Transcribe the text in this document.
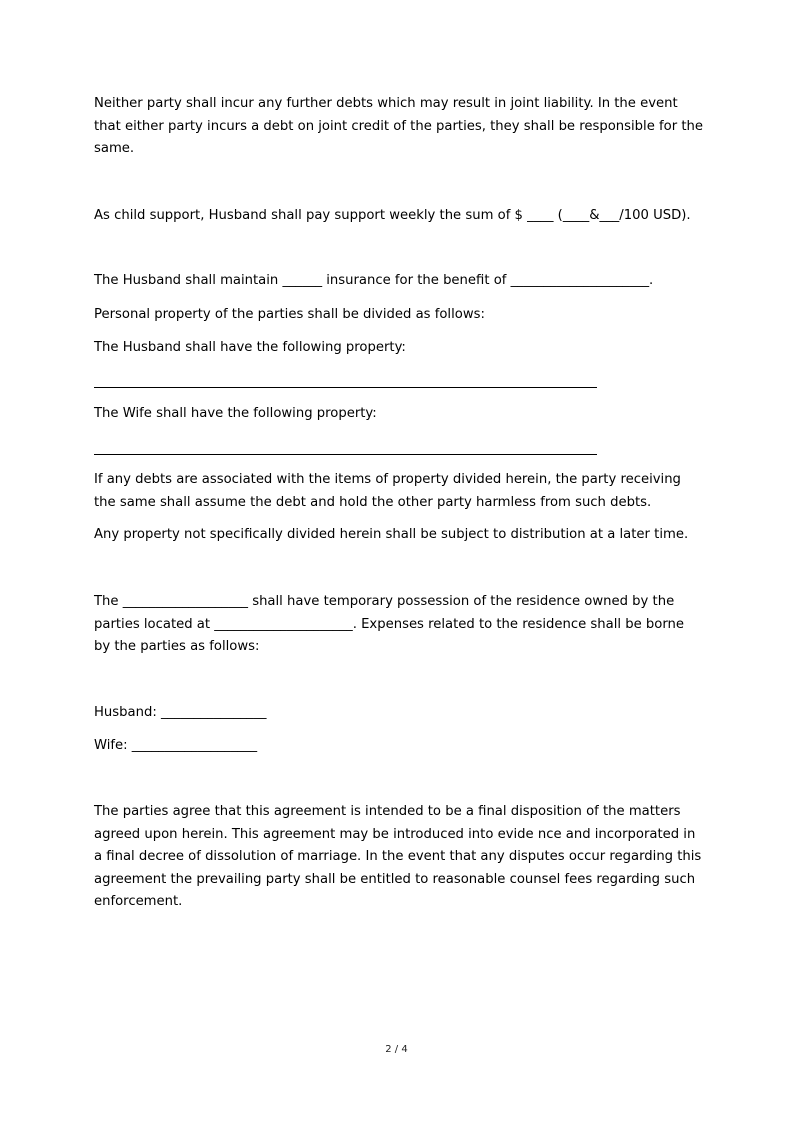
Neither party shall incur any further debts which may result in joint liability. In the event that either party incurs a debt on joint credit of the parties, they shall be responsible for the same.

As child support, Husband shall pay support weekly the sum of $ ____ (____&___/100 USD).

The Husband shall maintain ______ insurance for the benefit of _____________________.

Personal property of the parties shall be divided as follows:

The Husband shall have the following property:

The Wife shall have the following property:

If any debts are associated with the items of property divided herein, the party receiving the same shall assume the debt and hold the other party harmless from such debts.

Any property not specifically divided herein shall be subject to distribution at a later time.

The ___________________ shall have temporary possession of the residence owned by the parties located at _____________________. Expenses related to the residence shall be borne by the parties as follows:

Husband: ________________

Wife: ___________________

The parties agree that this agreement is intended to be a final disposition of the matters agreed upon herein. This agreement may be introduced into evide nce and incorporated in a final decree of dissolution of marriage. In the event that any disputes occur regarding this agreement the prevailing party shall be entitled to reasonable counsel fees regarding such enforcement.

2 / 4
